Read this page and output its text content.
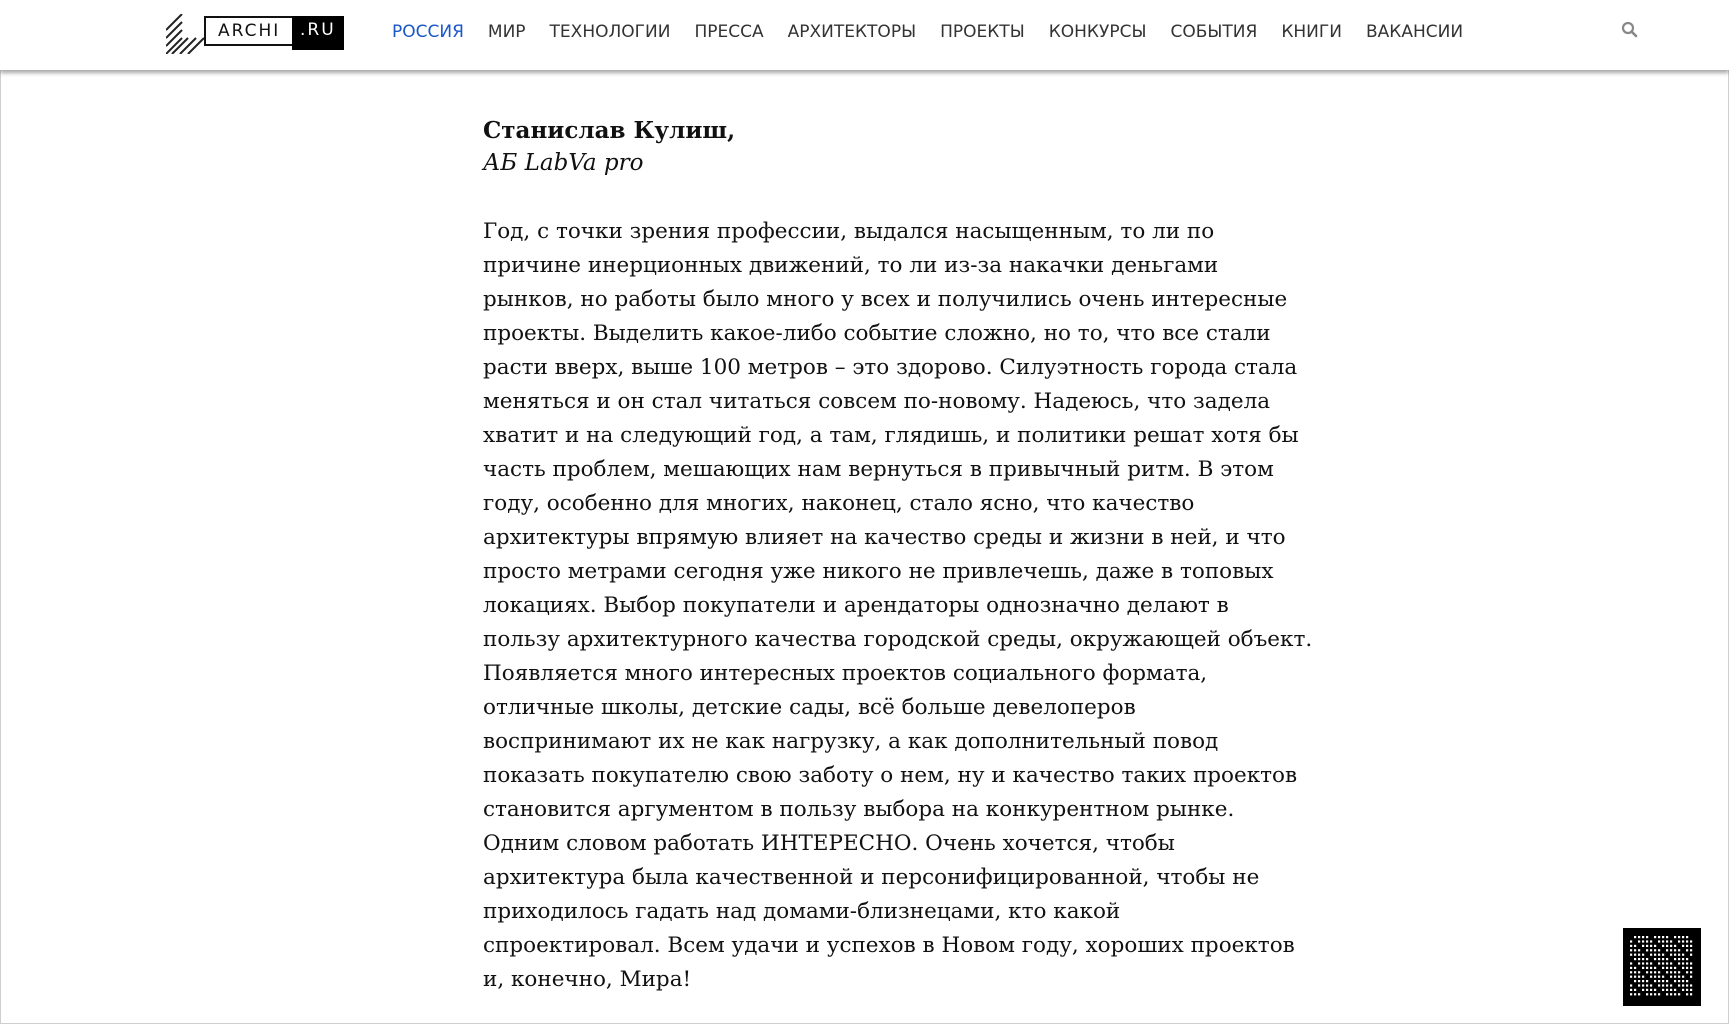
ARCHI	.RU	РОССИЯ МИР ТЕХНОЛОГИИ ПРЕССА АРХИТЕКТОРЫ ПРОЕКТЫ КОНКУРСЫ СОБЫТИЯ КНИГИ ВАКАНСИИ

Станислав Кулиш,

АБ LabVa pro

Год, с точки зрения профессии, выдался насыщенным, то ли по
причине инерционных движений, то ли из-за накачки деньгами
рынков, но работы было много у всех и получились очень интересные
проекты. Выделить какое-либо событие сложно, но то, что все стали
расти вверх, выше 100 метров – это здорово. Силуэтность города стала
меняться и он стал читаться совсем по-новому. Надеюсь, что задела
хватит и на следующий год, а там, глядишь, и политики решат хотя бы
часть проблем, мешающих нам вернуться в привычный ритм. В этом
году, особенно для многих, наконец, стало ясно, что качество
архитектуры впрямую влияет на качество среды и жизни в ней, и что
просто метрами сегодня уже никого не привлечешь, даже в топовых
локациях. Выбор покупатели и арендаторы однозначно делают в
пользу архитектурного качества городской среды, окружающей объект.
Появляется много интересных проектов социального формата,
отличные школы, детские сады, всё больше девелоперов
воспринимают их не как нагрузку, а как дополнительный повод
показать покупателю свою заботу о нем, ну и качество таких проектов
становится аргументом в пользу выбора на конкурентном рынке.
Одним словом работать ИНТЕРЕСНО. Очень хочется, чтобы
архитектура была качественной и персонифицированной, чтобы не
приходилось гадать над домами-близнецами, кто какой
спроектировал. Всем удачи и успехов в Новом году, хороших проектов
и, конечно, Мира!
